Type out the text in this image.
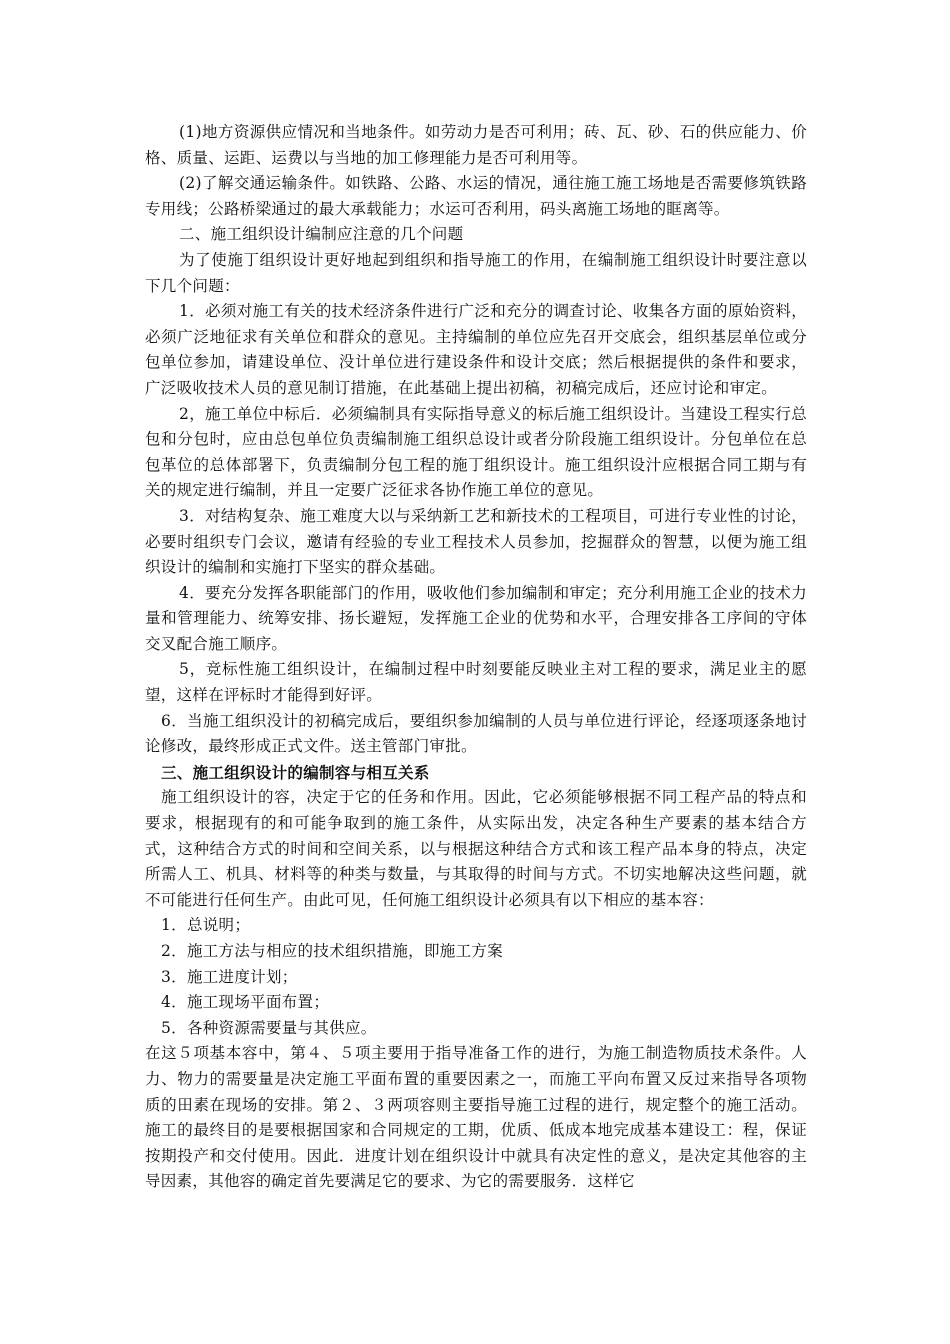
(1)地方资源供应情况和当地条件。如劳动力是否可利用；砖、瓦、砂、石的供应能力、价格、质量、运距、运费以与当地的加工修理能力是否可利用等。

(2)了解交通运输条件。如铁路、公路、水运的情况，通往施工施工场地是否需要修筑铁路专用线；公路桥梁通过的最大承载能力；水运可否利用，码头离施工场地的眶离等。

二、施工组织设计编制应注意的几个问题

为了使施丁组织设计更好地起到组织和指导施工的作用，在编制施工组织设计时要注意以下几个问题：

1．必须对施工有关的技术经济条件进行广泛和充分的调查讨论、收集各方面的原始资料，必须广泛地征求有关单位和群众的意见。主持编制的单位应先召开交底会，组织基层单位或分包单位参加，请建设单位、没计单位进行建设条件和设计交底；然后根据提供的条件和要求，广泛吸收技术人员的意见制订措施，在此基础上提出初稿，初稿完成后，还应讨论和审定。

2，施工单位中标后．必须编制具有实际指导意义的标后施工组织设计。当建设工程实行总包和分包时，应由总包单位负责编制施工组织总设计或者分阶段施工组织设计。分包单位在总包革位的总体部署下，负责编制分包工程的施丁组织设计。施工组织设汁应根据合同工期与有关的规定进行编制，并且一定要广泛征求各协作施工单位的意见。

3．对结构复杂、施工难度大以与采纳新工艺和新技术的工程项目，可进行专业性的讨论，必要时组织专门会议，邀请有经验的专业工程技术人员参加，挖掘群众的智慧，以便为施工组织设计的编制和实施打下坚实的群众基础。

4．要充分发挥各职能部门的作用，吸收他们参加编制和审定；充分利用施工企业的技术力量和管理能力、统筹安排、扬长避短，发挥施工企业的优势和水平，合理安排各工序间的守体交叉配合施工顺序。

5，竞标性施工组织设计，在编制过程中时刻要能反映业主对工程的要求，满足业主的愿望，这样在评标时才能得到好评。

6．当施工组织没计的初稿完成后，要组织参加编制的人员与单位进行评论，经逐项逐条地讨论修改，最终形成正式文件。送主管部门审批。

三、施工组织设计的编制容与相互关系

施工组织设计的容，决定于它的任务和作用。因此，它必须能够根据不同工程产品的特点和要求，根据现有的和可能争取到的施工条件，从实际出发，决定各种生产要素的基本结合方式，这种结合方式的时间和空间关系，以与根据这种结合方式和该工程产品本身的特点，决定所需人工、机具、材料等的种类与数量，与其取得的时间与方式。不切实地解决这些问题，就不可能进行任何生产。由此可见，任何施工组织设计必须具有以下相应的基本容：

1．总说明；

2．施工方法与相应的技术组织措施，即施工方案

3．施工进度计划；

4．施工现场平面布置；

5．各种资源需要量与其供应。

在这５项基本容中，第４、５项主要用于指导准备工作的进行，为施工制造物质技术条件。人力、物力的需要量是决定施工平面布置的重要因素之一，而施工平向布置又反过来指导各项物质的田素在现场的安排。第２、３两项容则主要指导施工过程的进行，规定整个的施工活动。施工的最终目的是要根据国家和合同规定的工期，优质、低成本地完成基本建设工：程，保证按期投产和交付使用。因此．进度计划在组织设计中就具有决定性的意义，是决定其他容的主导因素，其他容的确定首先要满足它的要求、为它的需要服务．这样它
